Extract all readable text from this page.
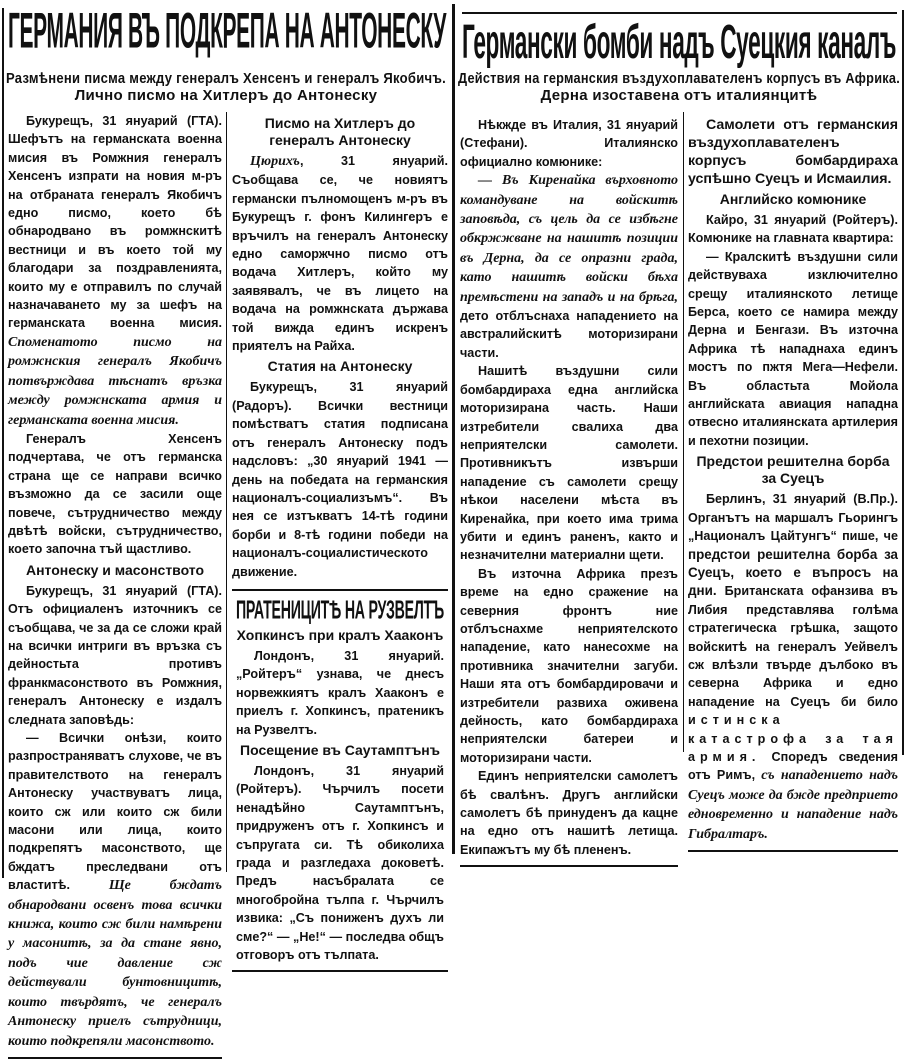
ГЕРМАНИЯ ВЪ ПОДКРЕПА НА АНТОНЕСКУ
Размѣнени писма между генералъ Хенсенъ и генералъ Якобичъ.
Лично писмо на Хитлеръ до Антонеску

Букурещъ, 31 януарий (ГТА). Шефътъ на германската военна мисия въ Ромжния генералъ Хенсенъ изпрати на новия м-ръ на отбраната генералъ Якобичъ едно писмо, което бѣ обнародвано въ ромжнскитѣ вестници и въ което той му благодари за поздравленията, които му е отправилъ по случай назначаването му за шефъ на германската военна мисия. Споменатото писмо на ромжнския генералъ Якобичъ потвърждава тѣснатъ връзка между ромжнската армия и германската военна мисия.

Генералъ Хенсенъ подчертава, че отъ германска страна ще се направи всичко възможно да се засили още повече, сътрудничество между двѣтѣ войски, сътрудничество, което започна тъй щастливо.

Антонеску и масонството

Букурещъ, 31 януарий (ГТА). Отъ официаленъ източникъ се съобщава, че за да се сложи край на всички интриги въ връзка съ дейностьта противъ франкмасонството въ Ромжния, генералъ Антонеску е издалъ следната заповѣдь:

— Всички онѣзи, които разпространяватъ слухове, че въ правителството на генералъ Антонеску участвуватъ лица, които сж или които сж били масони или лица, които подкрепятъ масонството, ще бждатъ преследвани отъ властитѣ. Ще бждатъ обнародвани освенъ това всички книжа, които сж били намѣрени у масонитѣ, за да стане явно, подъ чие давление сж действували бунтовницитѣ, които твърдятъ, че генералъ Антонеску приелъ сътрудници, които подкрепяли масонството.

Писмо на Хитлеръ до генералъ Антонеску

Цюрихъ, 31 януарий. Съобщава се, че новиятъ германски пълномощенъ м-ръ въ Букурещъ г. фонъ Килингеръ е връчилъ на генералъ Антонеску едно саморжчно писмо отъ водача Хитлеръ, който му заявявалъ, че въ лицето на водача на ромжнската държава той вижда единъ искренъ приятелъ на Райха.

Статия на Антонеску

Букурещъ, 31 януарий (Радоръ). Всички вестници помѣстватъ статия подписана отъ генералъ Антонеску подъ надсловъ: „30 януарий 1941 — день на победата на германския националъ-социализъмъ“. Въ нея се изтъкватъ 14-тѣ години борби и 8-тѣ години победи на националъ-социалистическото движение.

ПРАТЕНИЦИТѢ НА РУЗВЕЛТЪ
Хопкинсъ при кралъ Хааконъ

Лондонъ, 31 януарий. „Ройтеръ“ узнава, че днесъ норвежкиятъ кралъ Хааконъ е приелъ г. Хопкинсъ, пратеникъ на Рузвелтъ.

Посещение въ Саутамптънъ

Лондонъ, 31 януарий (Ройтеръ). Чърчилъ посети ненадѣйно Саутамптънъ, придруженъ отъ г. Хопкинсъ и съпругата си. Тѣ обиколиха града и разгледаха доковетѣ. Предъ насъбралата се многобройна тълпа г. Чърчилъ извика: „Съ пониженъ духъ ли сме?“ — „Не!“ — последва общъ отговоръ отъ тълпата.

Германски бомби надъ Суецкия каналъ
Действия на германския въздухоплавателенъ корпусъ въ Африка.
Дерна изоставена отъ италиянцитѣ

Нѣкжде въ Италия, 31 януарий (Стефани). Италиянско официално комюнике:

— Въ Киренайка върховното командуване на войскитѣ заповѣда, съ цель да се избѣгне обкржжване на нашитѣ позиции въ Дерна, да се опразни града, като нашитѣ войски бѣха премѣстени на западъ и на брѣга, дето отблъснаха нападението на австралийскитѣ моторизирани части.

Нашитѣ въздушни сили бомбардираха една английска моторизирана часть. Наши изтребители свалиха два неприятелски самолети. Противникътъ извърши нападение съ самолети срещу нѣкои населени мѣста въ Киренайка, при което има трима убити и единъ раненъ, както и незначителни материални щети.

Въ източна Африка презъ време на едно сражение на северния фронтъ ние отблъснахме неприятелското нападение, като нанесохме на противника значителни загуби. Наши ята отъ бомбардировачи и изтребители развиха оживена дейность, като бомбардираха неприятелски батереи и моторизирани части.

Единъ неприятелски самолетъ бѣ свалѣнъ. Другъ английски самолетъ бѣ принуденъ да кацне на едно отъ нашитѣ летища. Екипажътъ му бѣ плененъ.

Самолети отъ германския въздухоплавателенъ корпусъ бомбардираха успѣшно Суецъ и Исмаилия.

Английско комюнике

Кайро, 31 януарий (Ройтеръ). Комюнике на главната квартира:

— Кралскитѣ въздушни сили действуваха изключително срещу италиянското летище Берса, което се намира между Дерна и Бенгази. Въ източна Африка тѣ нападнаха единъ мостъ по пжтя Мега—Нефели. Въ областьта Мойола английската авиация нападна отвесно италиянската артилерия и пехотни позиции.

Предстои решителна борба за Суецъ

Берлинъ, 31 януарий (В.Пр.). Органътъ на маршалъ Гьорингъ „Националъ Цайтунгъ“ пише, че предстои решителна борба за Суецъ, което е въпросъ на дни. Британската офанзива въ Либия представлява голѣма стратегическа грѣшка, защото войскитѣ на генералъ Уейвелъ сж влѣзли твърде дълбоко въ северна Африка и едно нападение на Суецъ би било истинска катастрофа за тая армия. Споредъ сведения отъ Римъ, съ нападението надъ Суецъ може да бжде предприето едновременно и нападение надъ Гибралтаръ.
